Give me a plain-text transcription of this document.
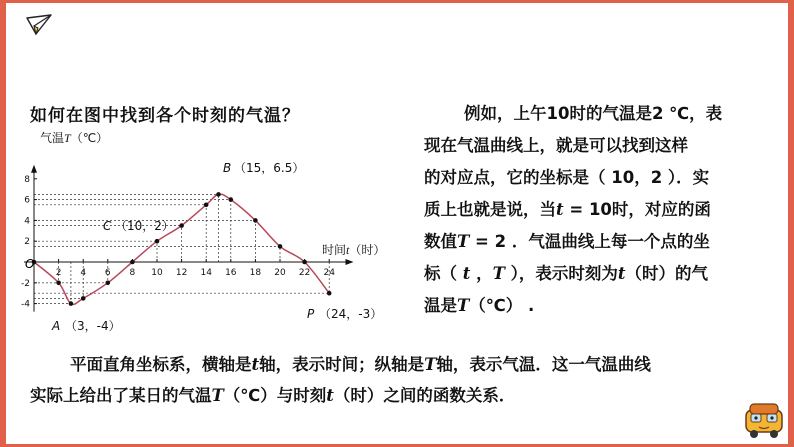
如何在图中找到各个时刻的气温？
2 4 6 8 10 12 14 16 18 20 22 24
8
6
4
2
-2
-4
气温T（℃）
时间t（时）
O
A （3，-4）
B （15，6.5）
C （10，2）
P （24，-3）
例如，上午10时的气温是2 ℃，表
现在气温曲线上，就是可以找到这样
的对应点，它的坐标是（ 10，2 ）．实
质上也就是说，当t = 10时，对应的函
数值T = 2 ．气温曲线上每一个点的坐
标（ t ，T ），表示时刻为t（时）的气
温是T（℃） .
平面直角坐标系，横轴是t轴，表示时间；纵轴是T轴，表示气温．这一气温曲线
实际上给出了某日的气温T（℃）与时刻t（时）之间的函数关系．
